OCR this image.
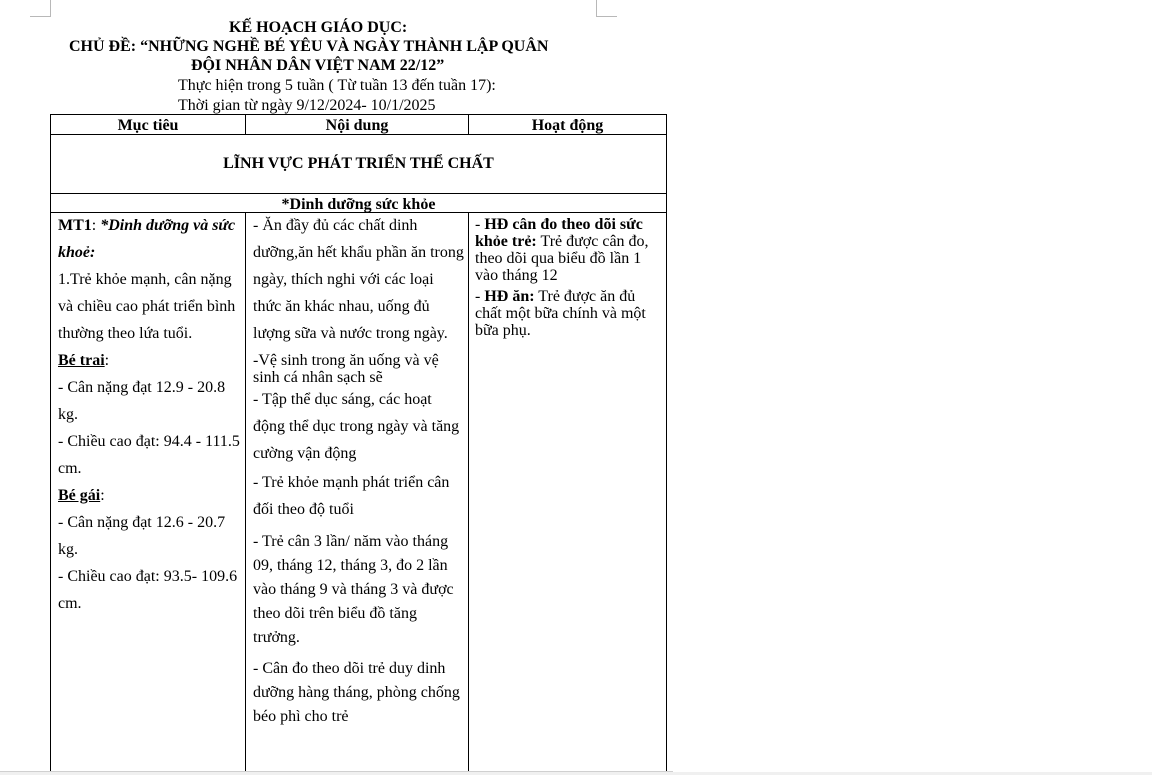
KẾ HOẠCH GIÁO DỤC:
CHỦ ĐỀ: “NHỮNG NGHỀ BÉ YÊU VÀ NGÀY THÀNH LẬP QUÂN
ĐỘI NHÂN DÂN VIỆT NAM 22/12”
Thực hiện trong 5 tuần ( Từ tuần 13 đến tuần 17):
Thời gian từ ngày 9/12/2024- 10/1/2025
Mục tiêu	Nội dung	Hoạt động
LĨNH VỰC PHÁT TRIỂN THỂ CHẤT
*Dinh dưỡng sức khỏe

MT1: *Dinh dưỡng và sức khoẻ:

1.Trẻ khỏe mạnh, cân nặng và chiều cao phát triển bình thường theo lứa tuổi.

Bé trai:

- Cân nặng đạt 12.9 - 20.8 kg.

- Chiều cao đạt: 94.4 - 111.5 cm.

Bé gái:

- Cân nặng đạt 12.6 - 20.7 kg.

- Chiều cao đạt: 93.5- 109.6 cm.

- Ăn đầy đủ các chất dinh dưỡng,ăn hết khẩu phần ăn trong ngày, thích nghi với các loại thức ăn khác nhau, uống đủ lượng sữa và nước trong ngày.

-Vệ sinh trong ăn uống và vệ sinh cá nhân sạch sẽ

- Tập thể dục sáng, các hoạt động thể dục trong ngày và tăng cường vận động

- Trẻ khỏe mạnh phát triển cân đối theo độ tuổi

- Trẻ cân 3 lần/ năm vào tháng 09, tháng 12, tháng 3, đo 2 lần vào tháng 9 và tháng 3 và được theo dõi trên biểu đồ tăng trưởng.

- Cân đo theo dõi trẻ duy dinh dưỡng hàng tháng, phòng chống béo phì cho trẻ

- HĐ cân đo theo dõi sức khỏe trẻ: Trẻ được cân đo, theo dõi qua biểu đồ lần 1 vào tháng 12

- HĐ ăn: Trẻ được ăn đủ chất một bữa chính và một bữa phụ.
